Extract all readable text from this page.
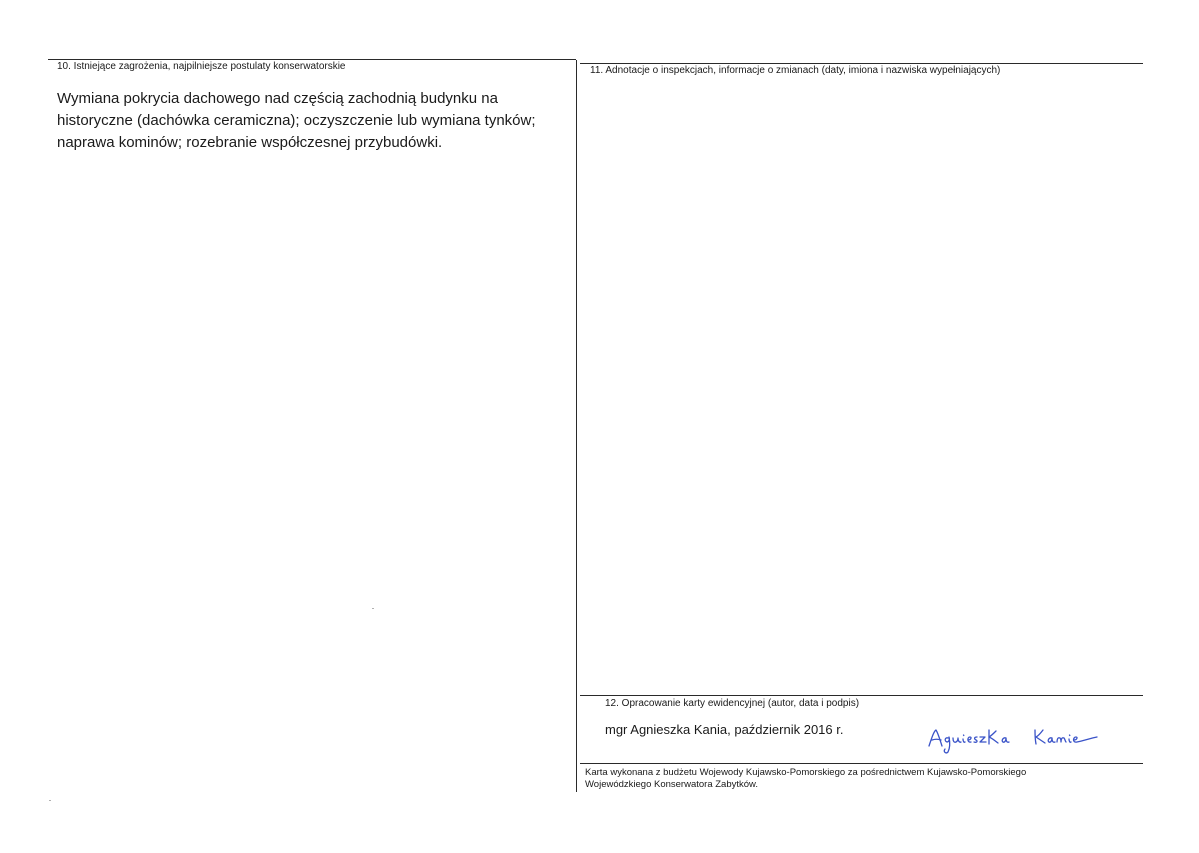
10. Istniejące zagrożenia, najpilniejsze postulaty konserwatorskie

Wymiana pokrycia dachowego nad częścią zachodnią budynku na historyczne (dachówka ceramiczna); oczyszczenie lub wymiana tynków; naprawa kominów; rozebranie współczesnej przybudówki.

11. Adnotacje o inspekcjach, informacje o zmianach (daty, imiona i nazwiska wypełniających)
12. Opracowanie karty ewidencyjnej (autor, data i podpis)
mgr Agnieszka Kania, październik 2016 r.
Karta wykonana z budżetu Wojewody Kujawsko-Pomorskiego za pośrednictwem Kujawsko-Pomorskiego
Wojewódzkiego Konserwatora Zabytków.
